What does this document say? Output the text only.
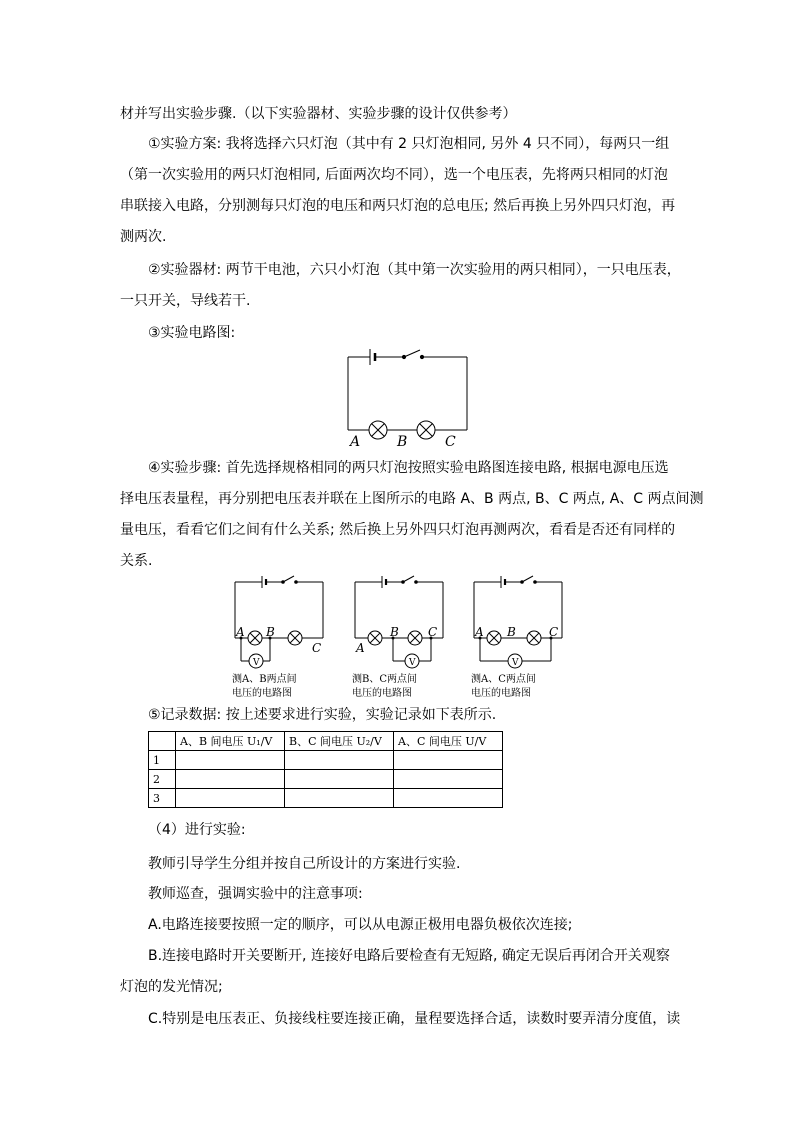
材并写出实验步骤.（以下实验器材、实验步骤的设计仅供参考）
①实验方案: 我将选择六只灯泡（其中有 2 只灯泡相同, 另外 4 只不同），每两只一组
（第一次实验用的两只灯泡相同, 后面两次均不同），选一个电压表，先将两只相同的灯泡
串联接入电路，分别测每只灯泡的电压和两只灯泡的总电压; 然后再换上另外四只灯泡，再
测两次.
②实验器材: 两节干电池，六只小灯泡（其中第一次实验用的两只相同），一只电压表，
一只开关，导线若干.
③实验电路图:
A	B	C
④实验步骤: 首先选择规格相同的两只灯泡按照实验电路图连接电路, 根据电源电压选
择电压表量程，再分别把电压表并联在上图所示的电路 A、B 两点, B、C 两点, A、C 两点间测
量电压，看看它们之间有什么关系; 然后换上另外四只灯泡再测两次，看看是否还有同样的
关系.
V
A B
C
测A、B两点间
电压的电路图
V
A
B C
测B、C两点间
电压的电路图
V
A B	C
测A、C两点间
电压的电路图
⑤记录数据: 按上述要求进行实验，实验记录如下表所示.
	A、B 间电压 U₁/V	B、C 间电压 U₂/V	A、C 间电压 U/V
1			
2			
3			
（4）进行实验:
教师引导学生分组并按自己所设计的方案进行实验.
教师巡查，强调实验中的注意事项:
A.电路连接要按照一定的顺序，可以从电源正极用电器负极依次连接;
B.连接电路时开关要断开, 连接好电路后要检查有无短路, 确定无误后再闭合开关观察
灯泡的发光情况;
C.特别是电压表正、负接线柱要连接正确，量程要选择合适，读数时要弄清分度值，读
